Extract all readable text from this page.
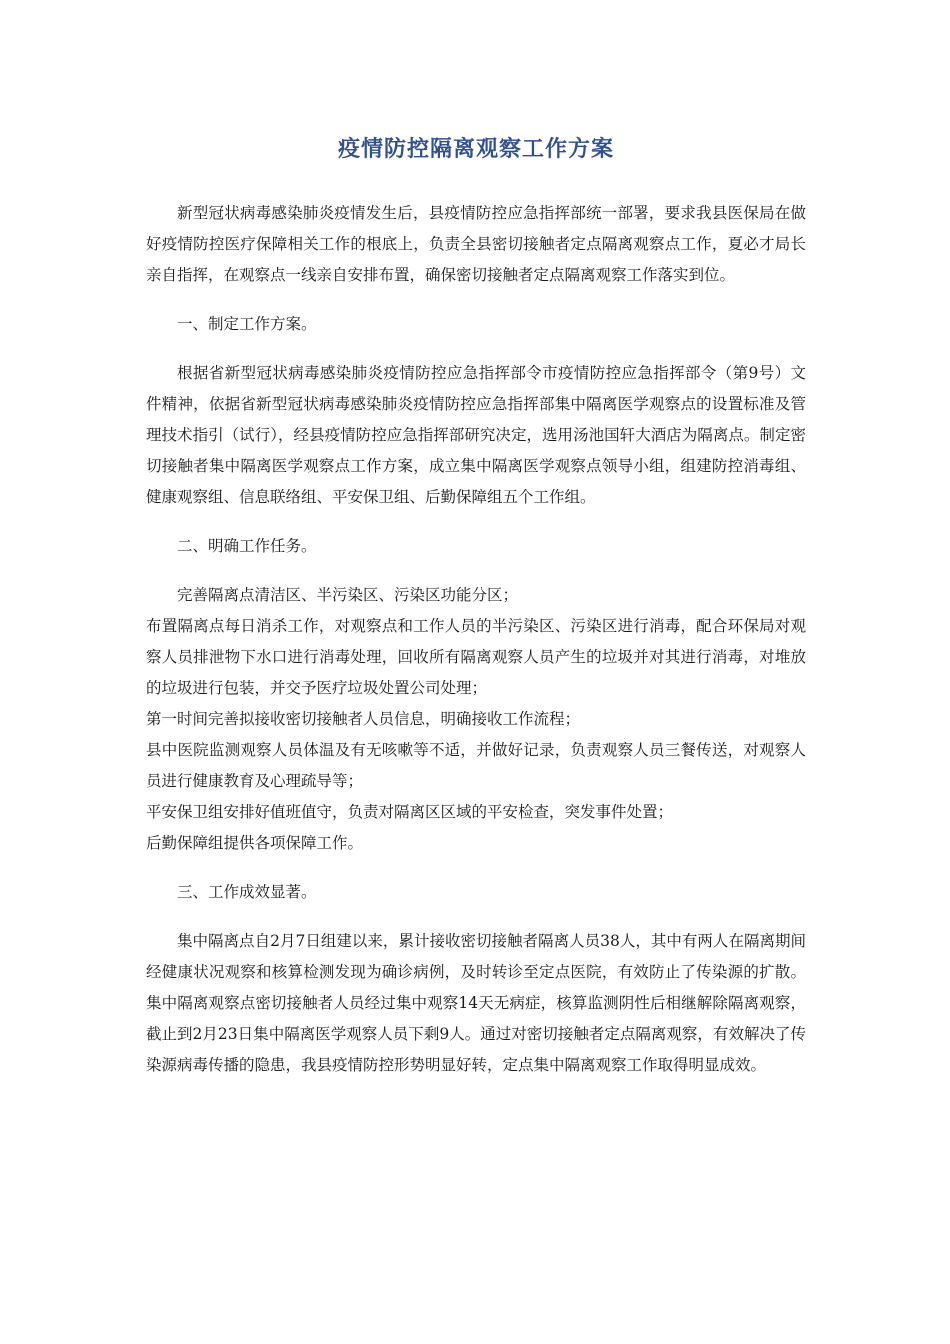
疫情防控隔离观察工作方案

新型冠状病毒感染肺炎疫情发生后，县疫情防控应急指挥部统一部署，要求我县医保局在做好疫情防控医疗保障相关工作的根底上，负责全县密切接触者定点隔离观察点工作，夏必才局长亲自指挥，在观察点一线亲自安排布置，确保密切接触者定点隔离观察工作落实到位。

一、制定工作方案。

根据省新型冠状病毒感染肺炎疫情防控应急指挥部令市疫情防控应急指挥部令（第9号）文件精神，依据省新型冠状病毒感染肺炎疫情防控应急指挥部集中隔离医学观察点的设置标准及管理技术指引（试行），经县疫情防控应急指挥部研究决定，选用汤池国轩大酒店为隔离点。制定密切接触者集中隔离医学观察点工作方案，成立集中隔离医学观察点领导小组，组建防控消毒组、健康观察组、信息联络组、平安保卫组、后勤保障组五个工作组。

二、明确工作任务。

完善隔离点清洁区、半污染区、污染区功能分区；

布置隔离点每日消杀工作，对观察点和工作人员的半污染区、污染区进行消毒，配合环保局对观察人员排泄物下水口进行消毒处理，回收所有隔离观察人员产生的垃圾并对其进行消毒，对堆放的垃圾进行包装，并交予医疗垃圾处置公司处理；

第一时间完善拟接收密切接触者人员信息，明确接收工作流程；

县中医院监测观察人员体温及有无咳嗽等不适，并做好记录，负责观察人员三餐传送，对观察人员进行健康教育及心理疏导等；

平安保卫组安排好值班值守，负责对隔离区区域的平安检查，突发事件处置；

后勤保障组提供各项保障工作。

三、工作成效显著。

集中隔离点自2月7日组建以来，累计接收密切接触者隔离人员38人，其中有两人在隔离期间经健康状况观察和核算检测发现为确诊病例，及时转诊至定点医院，有效防止了传染源的扩散。集中隔离观察点密切接触者人员经过集中观察14天无病症，核算监测阴性后相继解除隔离观察，截止到2月23日集中隔离医学观察人员下剩9人。通过对密切接触者定点隔离观察，有效解决了传染源病毒传播的隐患，我县疫情防控形势明显好转，定点集中隔离观察工作取得明显成效。
